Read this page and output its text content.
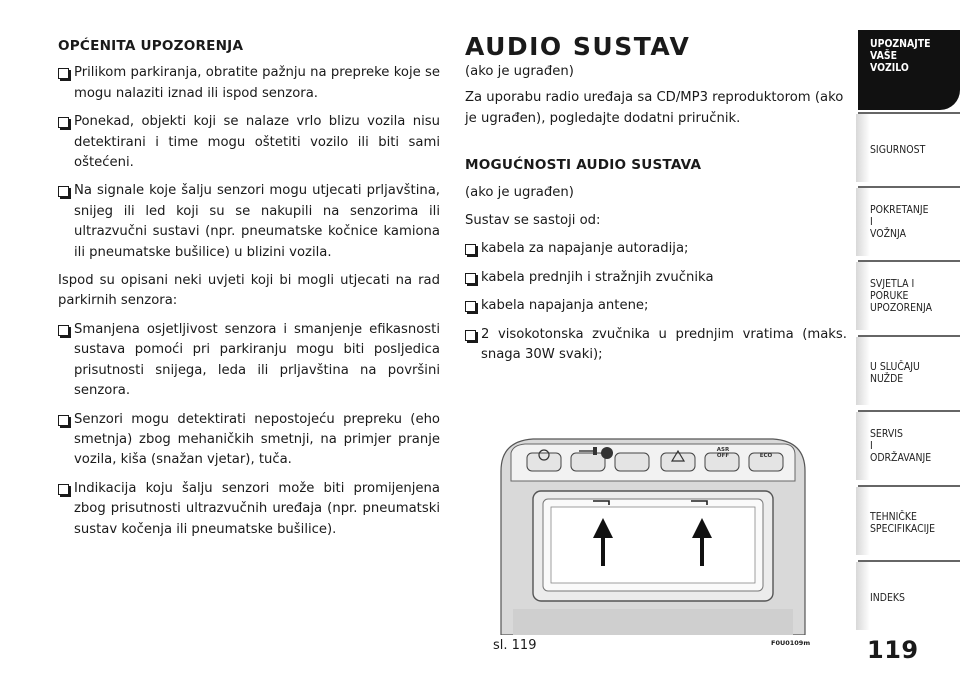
OPĆENITA UPOZORENJA
Prilikom parkiranja, obratite pažnju na prepreke koje se mogu nalaziti iznad ili ispod senzora.
Ponekad, objekti koji se nalaze vrlo blizu vozila nisu detektirani i time mogu oštetiti vozilo ili biti sami oštećeni.
Na signale koje šalju senzori mogu utjecati prljavština, snijeg ili led koji su se nakupili na senzorima ili ultrazvučni sustavi (npr. pneumatske kočnice kamiona ili pneumatske bušilice) u blizini vozila.

Ispod su opisani neki uvjeti koji bi mogli utjecati na rad parkirnih senzora:

Smanjena osjetljivost senzora i smanjenje efikasnosti sustava pomoći pri parkiranju mogu biti posljedica prisutnosti snijega, leda ili prljavština na površini senzora.
Senzori mogu detektirati nepostojeću prepreku (eho smetnja) zbog mehaničkih smetnji, na primjer pranje vozila, kiša (snažan vjetar), tuča.
Indikacija koju šalju senzori može biti promijenjena zbog prisutnosti ultrazvučnih uređaja (npr. pneumatski sustav kočenja ili pneumatske bušilice).
AUDIO SUSTAV

(ako je ugrađen)

Za uporabu radio uređaja sa CD/MP3 reproduktorom (ako je ugrađen), pogledajte dodatni priručnik.

MOGUĆNOSTI AUDIO SUSTAVA

(ako je ugrađen)

Sustav se sastoji od:

kabela za napajanje autoradija;
kabela prednjih i stražnjih zvučnika
kabela napajanja antene;
2 visokotonska zvučnika u prednjim vratima (maks. snaga 30W svaki);
ASR
OFF	ECO
sl. 119	F0U0109m 119
UPOZNAJTE
VAŠE
VOZILO
SIGURNOST
POKRETANJE
I
VOŽNJA
SVJETLA I
PORUKE
UPOZORENJA
U SLUČAJU
NUŽDE
SERVIS
I
ODRŽAVANJE
TEHNIČKE
SPECIFIKACIJE
INDEKS
